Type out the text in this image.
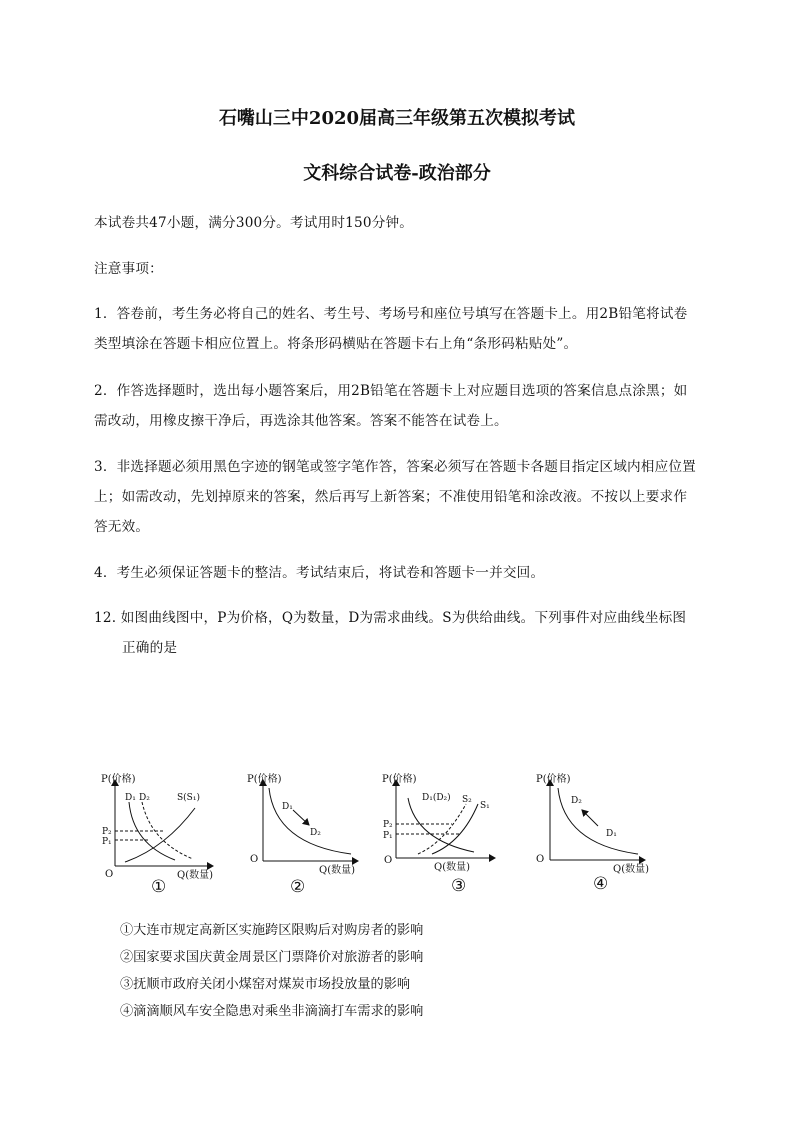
石嘴山三中2020届高三年级第五次模拟考试
文科综合试卷-政治部分
本试卷共47小题，满分300分。考试用时150分钟。
注意事项：
1．答卷前，考生务必将自己的姓名、考生号、考场号和座位号填写在答题卡上。用2B铅笔将试卷
类型填涂在答题卡相应位置上。将条形码横贴在答题卡右上角“条形码粘贴处”。
2．作答选择题时，选出每小题答案后，用2B铅笔在答题卡上对应题目选项的答案信息点涂黑；如
需改动，用橡皮擦干净后，再选涂其他答案。答案不能答在试卷上。
3．非选择题必须用黑色字迹的钢笔或签字笔作答，答案必须写在答题卡各题目指定区域内相应位置
上；如需改动，先划掉原来的答案，然后再写上新答案；不准使用铅笔和涂改液。不按以上要求作
答无效。
4．考生必须保证答题卡的整洁。考试结束后，将试卷和答题卡一并交回。
12. 如图曲线图中，P为价格，Q为数量，D为需求曲线。S为供给曲线。下列事件对应曲线坐标图
正确的是
P(价格)
Q(数量)
O
D₁ D₂	S(S₁)
P₂
P₁
①
P(价格)
Q(数量)
O
D₁
D₂
②
P(价格)
Q(数量)
O
D₁(D₂) S₂
S₁
P₂
P₁
③
P(价格)
Q(数量)
O
D₂
D₁
④
①大连市规定高新区实施跨区限购后对购房者的影响
②国家要求国庆黄金周景区门票降价对旅游者的影响
③抚顺市政府关闭小煤窑对煤炭市场投放量的影响
④滴滴顺风车安全隐患对乘坐非滴滴打车需求的影响
